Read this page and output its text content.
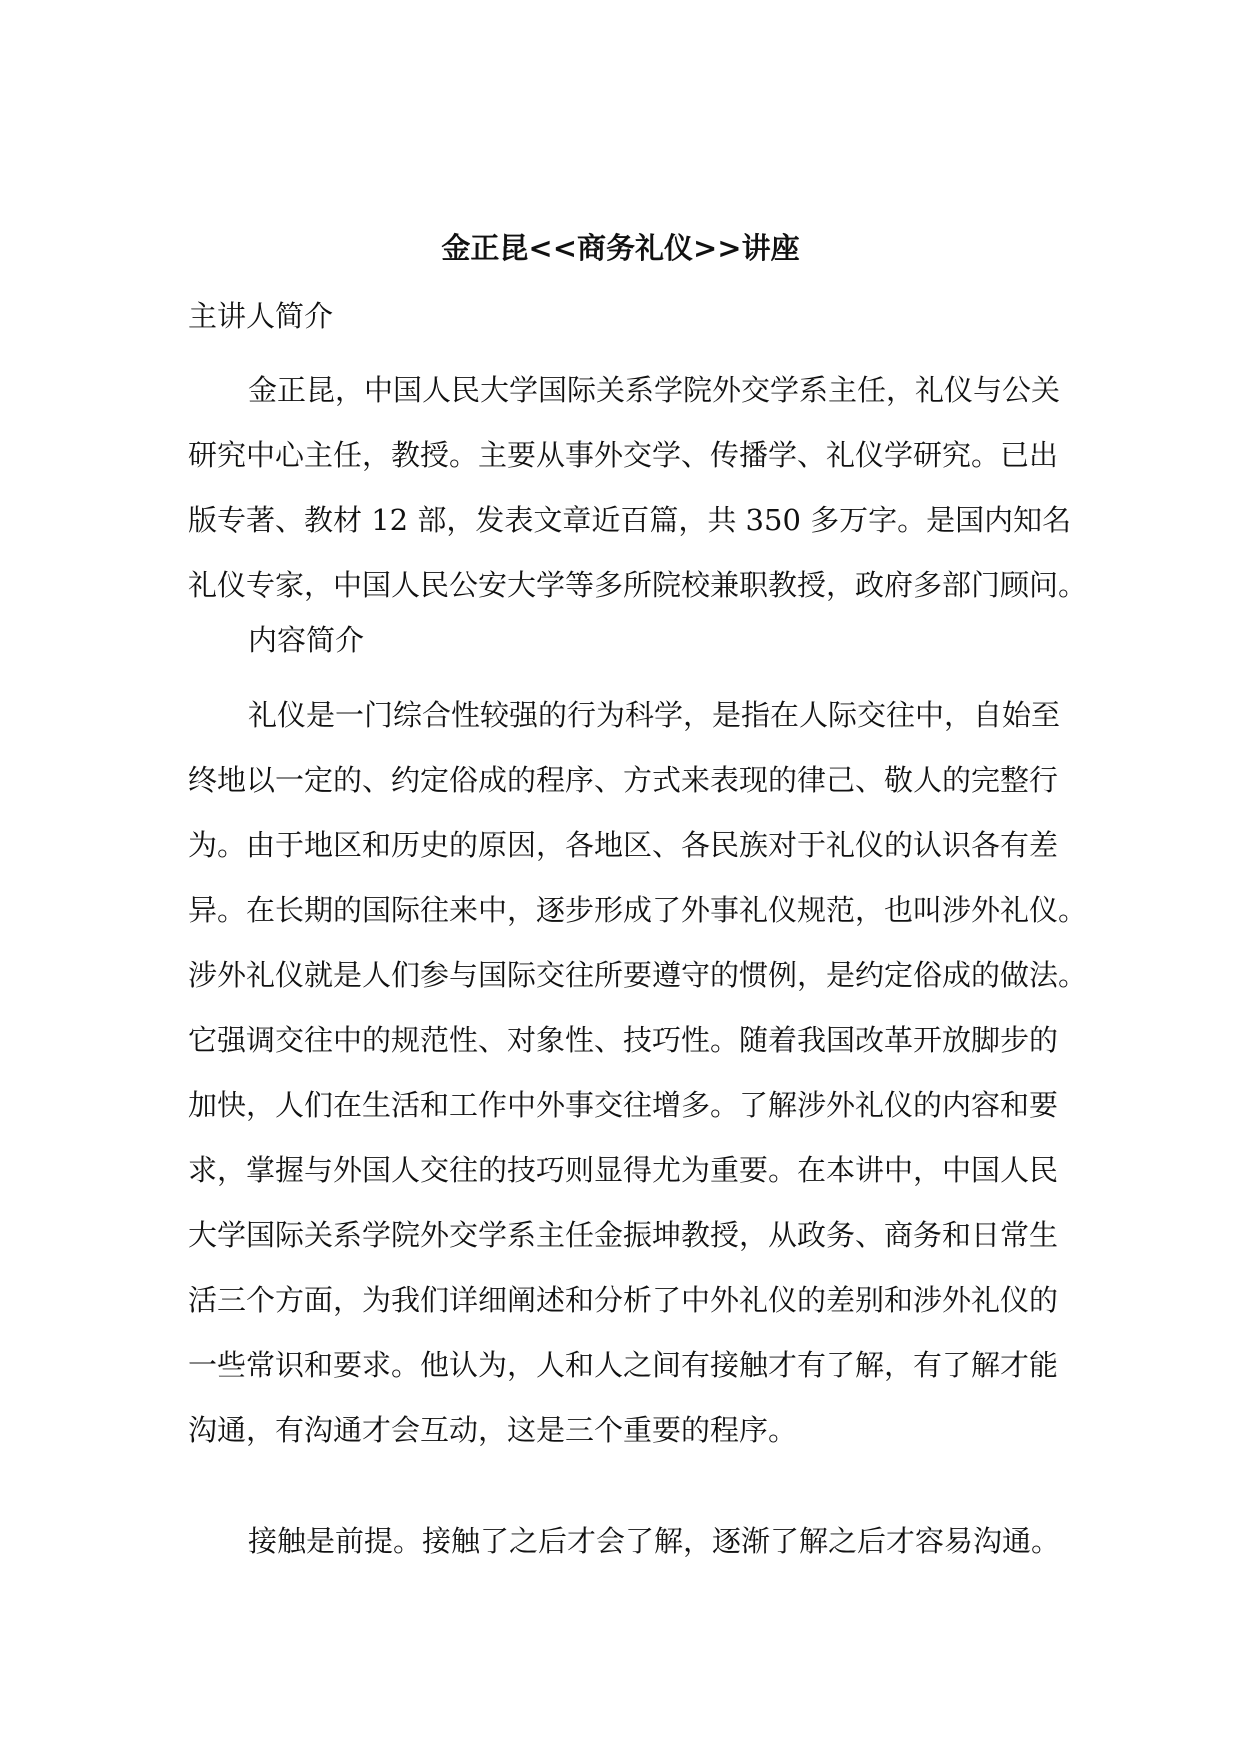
金正昆<<商务礼仪>>讲座

主讲人简介

金正昆，中国人民大学国际关系学院外交学系主任，礼仪与公关
研究中心主任，教授。主要从事外交学、传播学、礼仪学研究。已出
版专著、教材 12 部，发表文章近百篇，共 350 多万字。是国内知名
礼仪专家，中国人民公安大学等多所院校兼职教授，政府多部门顾问。

内容简介

礼仪是一门综合性较强的行为科学，是指在人际交往中，自始至
终地以一定的、约定俗成的程序、方式来表现的律己、敬人的完整行
为。由于地区和历史的原因，各地区、各民族对于礼仪的认识各有差
异。在长期的国际往来中，逐步形成了外事礼仪规范，也叫涉外礼仪。
涉外礼仪就是人们参与国际交往所要遵守的惯例，是约定俗成的做法。
它强调交往中的规范性、对象性、技巧性。随着我国改革开放脚步的
加快，人们在生活和工作中外事交往增多。了解涉外礼仪的内容和要
求，掌握与外国人交往的技巧则显得尤为重要。在本讲中，中国人民
大学国际关系学院外交学系主任金振坤教授，从政务、商务和日常生
活三个方面，为我们详细阐述和分析了中外礼仪的差别和涉外礼仪的
一些常识和要求。他认为，人和人之间有接触才有了解，有了解才能
沟通，有沟通才会互动，这是三个重要的程序。

接触是前提。接触了之后才会了解，逐渐了解之后才容易沟通。
